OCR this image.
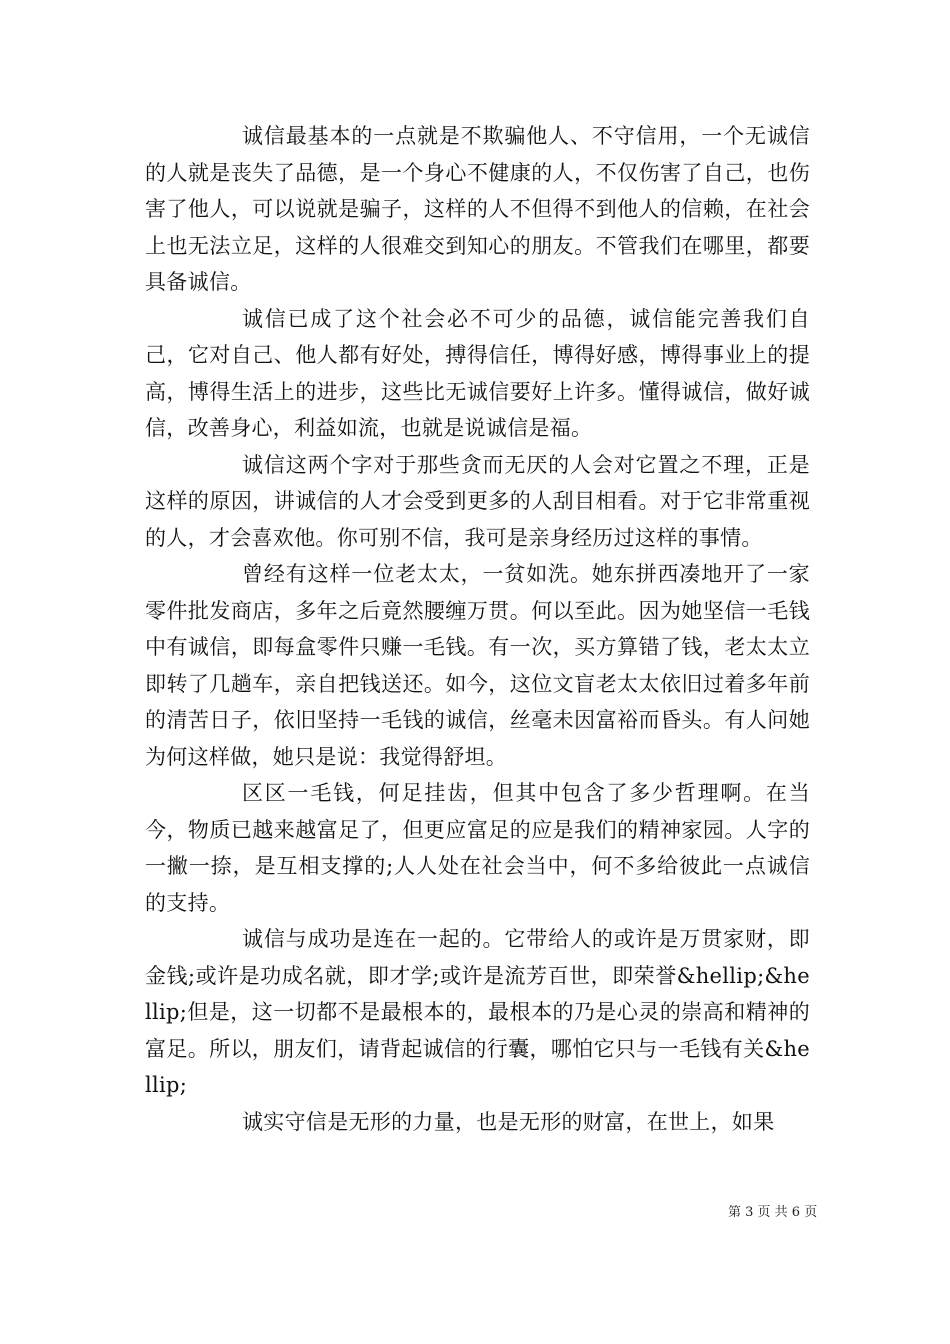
诚信最基本的一点就是不欺骗他人、不守信用，一个无诚信的人就是丧失了品德，是一个身心不健康的人，不仅伤害了自己，也伤害了他人，可以说就是骗子，这样的人不但得不到他人的信赖，在社会上也无法立足，这样的人很难交到知心的朋友。不管我们在哪里，都要具备诚信。

诚信已成了这个社会必不可少的品德，诚信能完善我们自己，它对自己、他人都有好处，搏得信任，博得好感，博得事业上的提高，博得生活上的进步，这些比无诚信要好上许多。懂得诚信，做好诚信，改善身心，利益如流，也就是说诚信是福。

诚信这两个字对于那些贪而无厌的人会对它置之不理，正是这样的原因，讲诚信的人才会受到更多的人刮目相看。对于它非常重视的人，才会喜欢他。你可别不信，我可是亲身经历过这样的事情。

曾经有这样一位老太太，一贫如洗。她东拼西凑地开了一家零件批发商店，多年之后竟然腰缠万贯。何以至此。因为她坚信一毛钱中有诚信，即每盒零件只赚一毛钱。有一次，买方算错了钱，老太太立即转了几趟车，亲自把钱送还。如今，这位文盲老太太依旧过着多年前的清苦日子，依旧坚持一毛钱的诚信，丝毫未因富裕而昏头。有人问她为何这样做，她只是说：我觉得舒坦。

区区一毛钱，何足挂齿，但其中包含了多少哲理啊。在当今，物质已越来越富足了，但更应富足的应是我们的精神家园。人字的一撇一捺，是互相支撑的;人人处在社会当中，何不多给彼此一点诚信的支持。

诚信与成功是连在一起的。它带给人的或许是万贯家财，即金钱;或许是功成名就，即才学;或许是流芳百世，即荣誉&hellip;&hellip;但是，这一切都不是最根本的，最根本的乃是心灵的崇高和精神的富足。所以，朋友们，请背起诚信的行囊，哪怕它只与一毛钱有关&hellip;

诚实守信是无形的力量，也是无形的财富，在世上，如果

第 3 页 共 6 页
